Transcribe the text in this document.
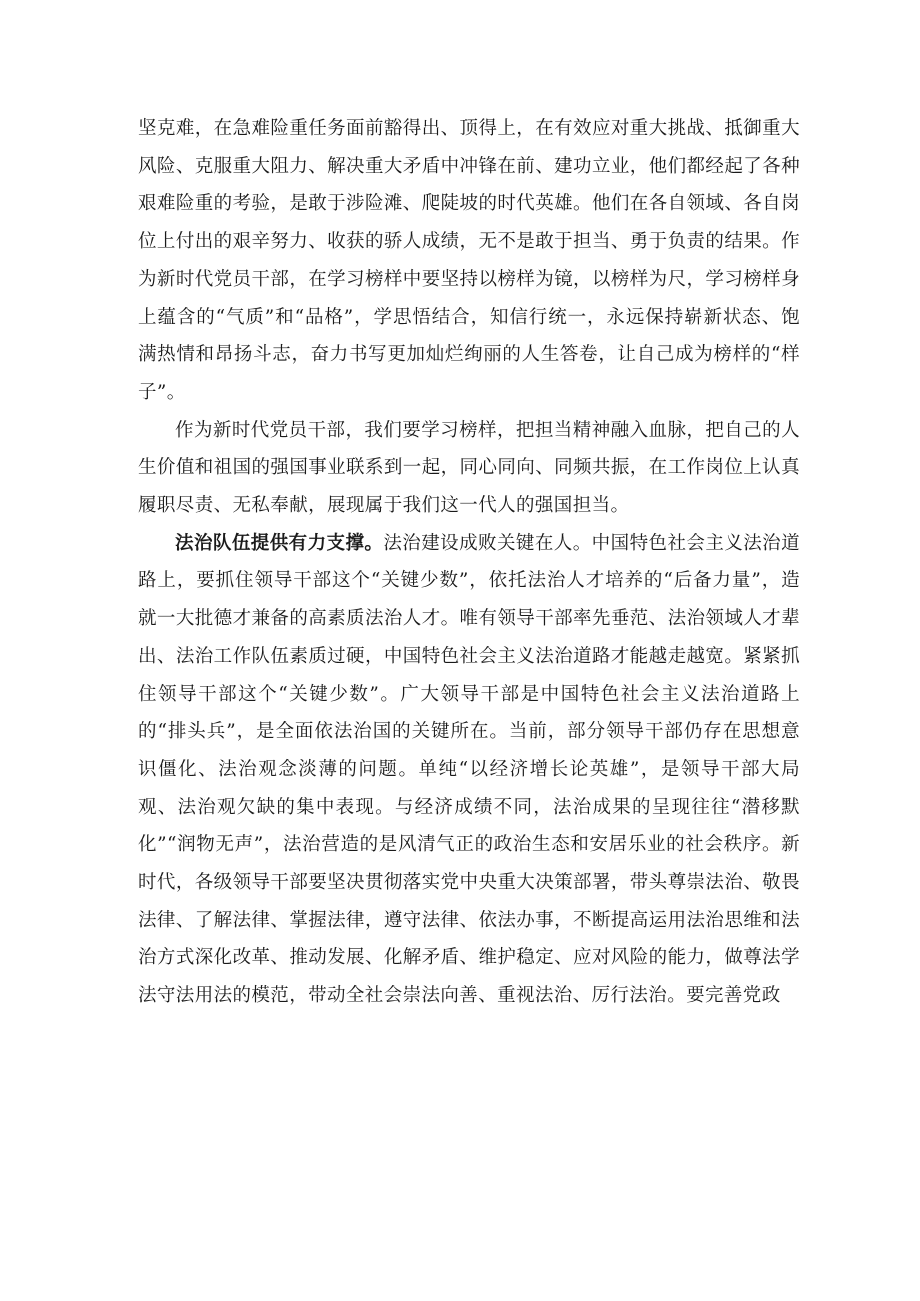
坚克难，在急难险重任务面前豁得出、顶得上，在有效应对重大挑战、抵御重大风险、克服重大阻力、解决重大矛盾中冲锋在前、建功立业，他们都经起了各种艰难险重的考验，是敢于涉险滩、爬陡坡的时代英雄。他们在各自领域、各自岗位上付出的艰辛努力、收获的骄人成绩，无不是敢于担当、勇于负责的结果。作为新时代党员干部，在学习榜样中要坚持以榜样为镜，以榜样为尺，学习榜样身上蕴含的“气质”和“品格”，学思悟结合，知信行统一，永远保持崭新状态、饱满热情和昂扬斗志，奋力书写更加灿烂绚丽的人生答卷，让自己成为榜样的“样子”。

作为新时代党员干部，我们要学习榜样，把担当精神融入血脉，把自己的人生价值和祖国的强国事业联系到一起，同心同向、同频共振，在工作岗位上认真履职尽责、无私奉献，展现属于我们这一代人的强国担当。

法治队伍提供有力支撑。法治建设成败关键在人。中国特色社会主义法治道路上，要抓住领导干部这个“关键少数”，依托法治人才培养的“后备力量”，造就一大批德才兼备的高素质法治人才。唯有领导干部率先垂范、法治领域人才辈出、法治工作队伍素质过硬，中国特色社会主义法治道路才能越走越宽。紧紧抓住领导干部这个“关键少数”。广大领导干部是中国特色社会主义法治道路上的“排头兵”，是全面依法治国的关键所在。当前，部分领导干部仍存在思想意识僵化、法治观念淡薄的问题。单纯“以经济增长论英雄”，是领导干部大局观、法治观欠缺的集中表现。与经济成绩不同，法治成果的呈现往往“潜移默化”“润物无声”，法治营造的是风清气正的政治生态和安居乐业的社会秩序。新时代，各级领导干部要坚决贯彻落实党中央重大决策部署，带头尊崇法治、敬畏法律、了解法律、掌握法律，遵守法律、依法办事，不断提高运用法治思维和法治方式深化改革、推动发展、化解矛盾、维护稳定、应对风险的能力，做尊法学法守法用法的模范，带动全社会崇法向善、重视法治、厉行法治。要完善党政
